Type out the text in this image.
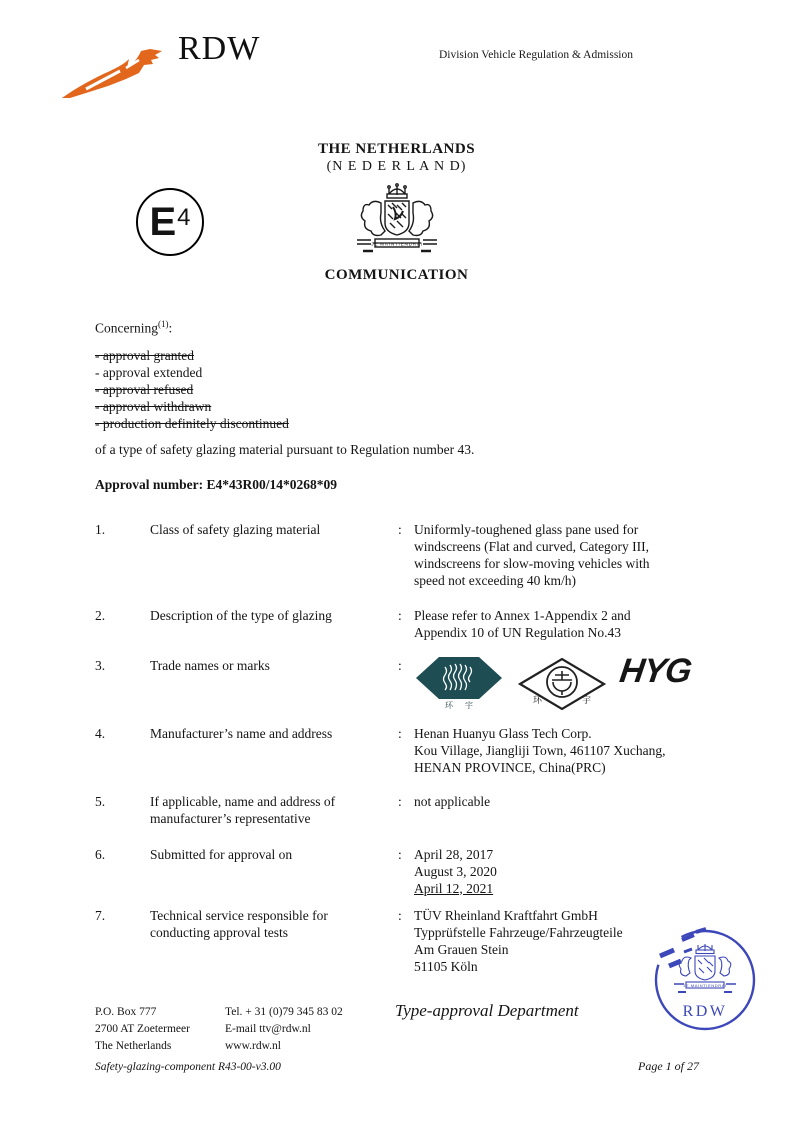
RDW	Division Vehicle Regulation & Admission
THE NETHERLANDS
(N E D E R L A N D)
E 4
JE MAINTIENDRAI
COMMUNICATION
Concerning$^{(1)}$:
- approval granted
- approval extended
- approval refused
- approval withdrawn
- production definitely discontinued
of a type of safety glazing material pursuant to Regulation number 43.
Approval number: E4*43R00/14*0268*09
1.	Class of safety glazing material	: Uniformly-toughened glass pane used for
windscreens (Flat and curved, Category III,
windscreens for slow-moving vehicles with
speed not exceeding 40 km/h)
2.	Description of the type of glazing	: Please refer to Annex 1-Appendix 2 and
Appendix 10 of UN Regulation No.43
3.	Trade names or marks	:
环宇
环	宇
HYG
4.	Manufacturer’s name and address	: Henan Huanyu Glass Tech Corp.
Kou Village, Jiangliji Town, 461107 Xuchang,
HENAN PROVINCE, China(PRC)
5.	If applicable, name and address of
manufacturer’s representative
: not applicable
6.	Submitted for approval on	: April 28, 2017
August 3, 2020
April 12, 2021
7.	Technical service responsible for
conducting approval tests
: TÜV Rheinland Kraftfahrt GmbH
Typprüfstelle Fahrzeuge/Fahrzeugteile
Am Grauen Stein
51105 Köln
P.O. Box 777
2700 AT Zoetermeer
The Netherlands
Tel. + 31 (0)79 345 83 02
E-mail ttv@rdw.nl
www.rdw.nl
Type-approval Department
Safety-glazing-component R43-00-v3.00	Page 1 of 27
JE MAINTIENDRAI
RDW
